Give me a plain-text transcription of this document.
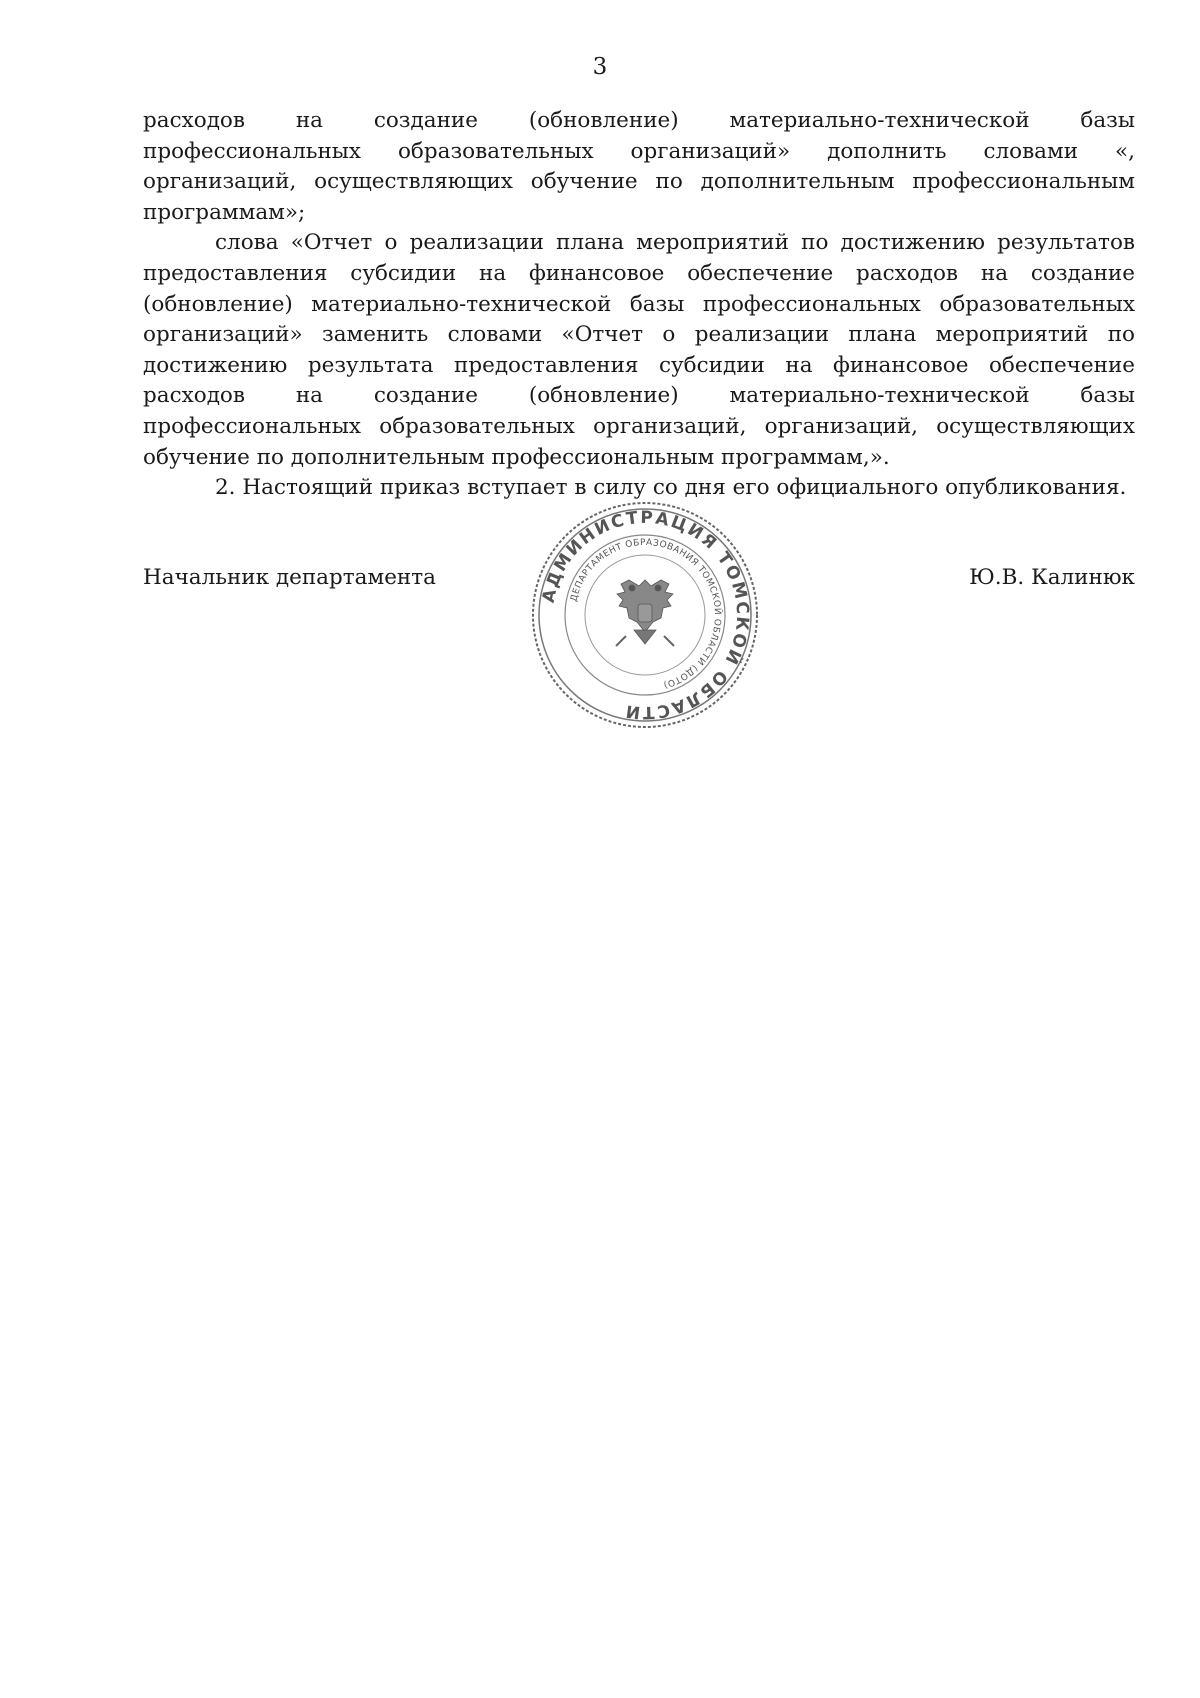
3

расходов на создание (обновление) материально-технической базы профессиональных образовательных организаций» дополнить словами «, организаций, осуществляющих обучение по дополнительным профессиональным программам»;

слова «Отчет о реализации плана мероприятий по достижению результатов предоставления субсидии на финансовое обеспечение расходов на создание (обновление) материально-технической базы профессиональных образовательных организаций» заменить словами «Отчет о реализации плана мероприятий по достижению результата предоставления субсидии на финансовое обеспечение расходов на создание (обновление) материально-технической базы профессиональных образовательных организаций, организаций, осуществляющих обучение по дополнительным профессиональным программам,».

2. Настоящий приказ вступает в силу со дня его официального опубликования.

Начальник департамента	Ю.В. Калинюк
АДМИНИСТРАЦИЯ ТОМСКОЙ ОБЛАСТИ
ДЕПАРТАМЕНТ ОБРАЗОВАНИЯ ТОМСКОЙ ОБЛАСТИ (ДОТО)
